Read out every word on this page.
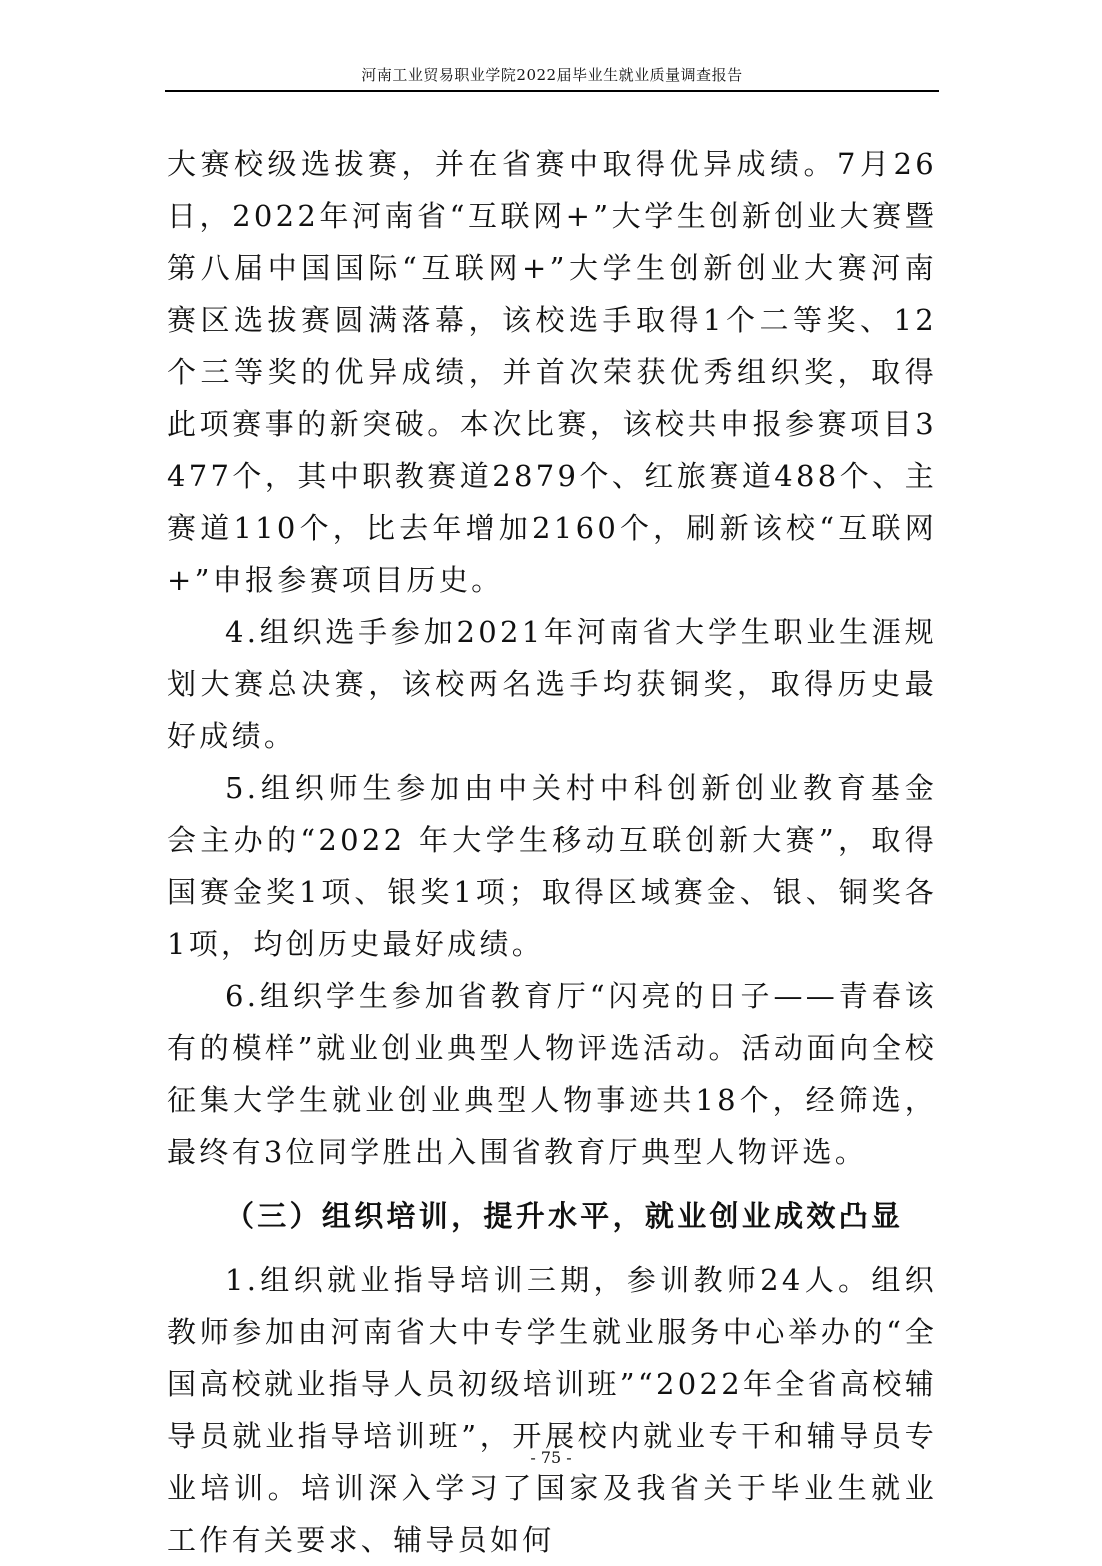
河南工业贸易职业学院2022届毕业生就业质量调查报告

大赛校级选拔赛，并在省赛中取得优异成绩。7月26日，2022年河南省“互联网+”大学生创新创业大赛暨第八届中国国际“互联网+”大学生创新创业大赛河南赛区选拔赛圆满落幕，该校选手取得1个二等奖、12个三等奖的优异成绩，并首次荣获优秀组织奖，取得此项赛事的新突破。本次比赛，该校共申报参赛项目3477个，其中职教赛道2879个、红旅赛道488个、主赛道110个，比去年增加2160个，刷新该校“互联网+”申报参赛项目历史。

4.组织选手参加2021年河南省大学生职业生涯规划大赛总决赛，该校两名选手均获铜奖，取得历史最好成绩。

5.组织师生参加由中关村中科创新创业教育基金会主办的“2022 年大学生移动互联创新大赛”，取得国赛金奖1项、银奖1项；取得区域赛金、银、铜奖各1项，均创历史最好成绩。

6.组织学生参加省教育厅“闪亮的日子——青春该有的模样”就业创业典型人物评选活动。活动面向全校征集大学生就业创业典型人物事迹共18个，经筛选，最终有3位同学胜出入围省教育厅典型人物评选。

（三）组织培训，提升水平，就业创业成效凸显

1.组织就业指导培训三期，参训教师24人。组织教师参加由河南省大中专学生就业服务中心举办的“全国高校就业指导人员初级培训班”“2022年全省高校辅导员就业指导培训班”，开展校内就业专干和辅导员专业培训。培训深入学习了国家及我省关于毕业生就业工作有关要求、辅导员如何

- 75 -
